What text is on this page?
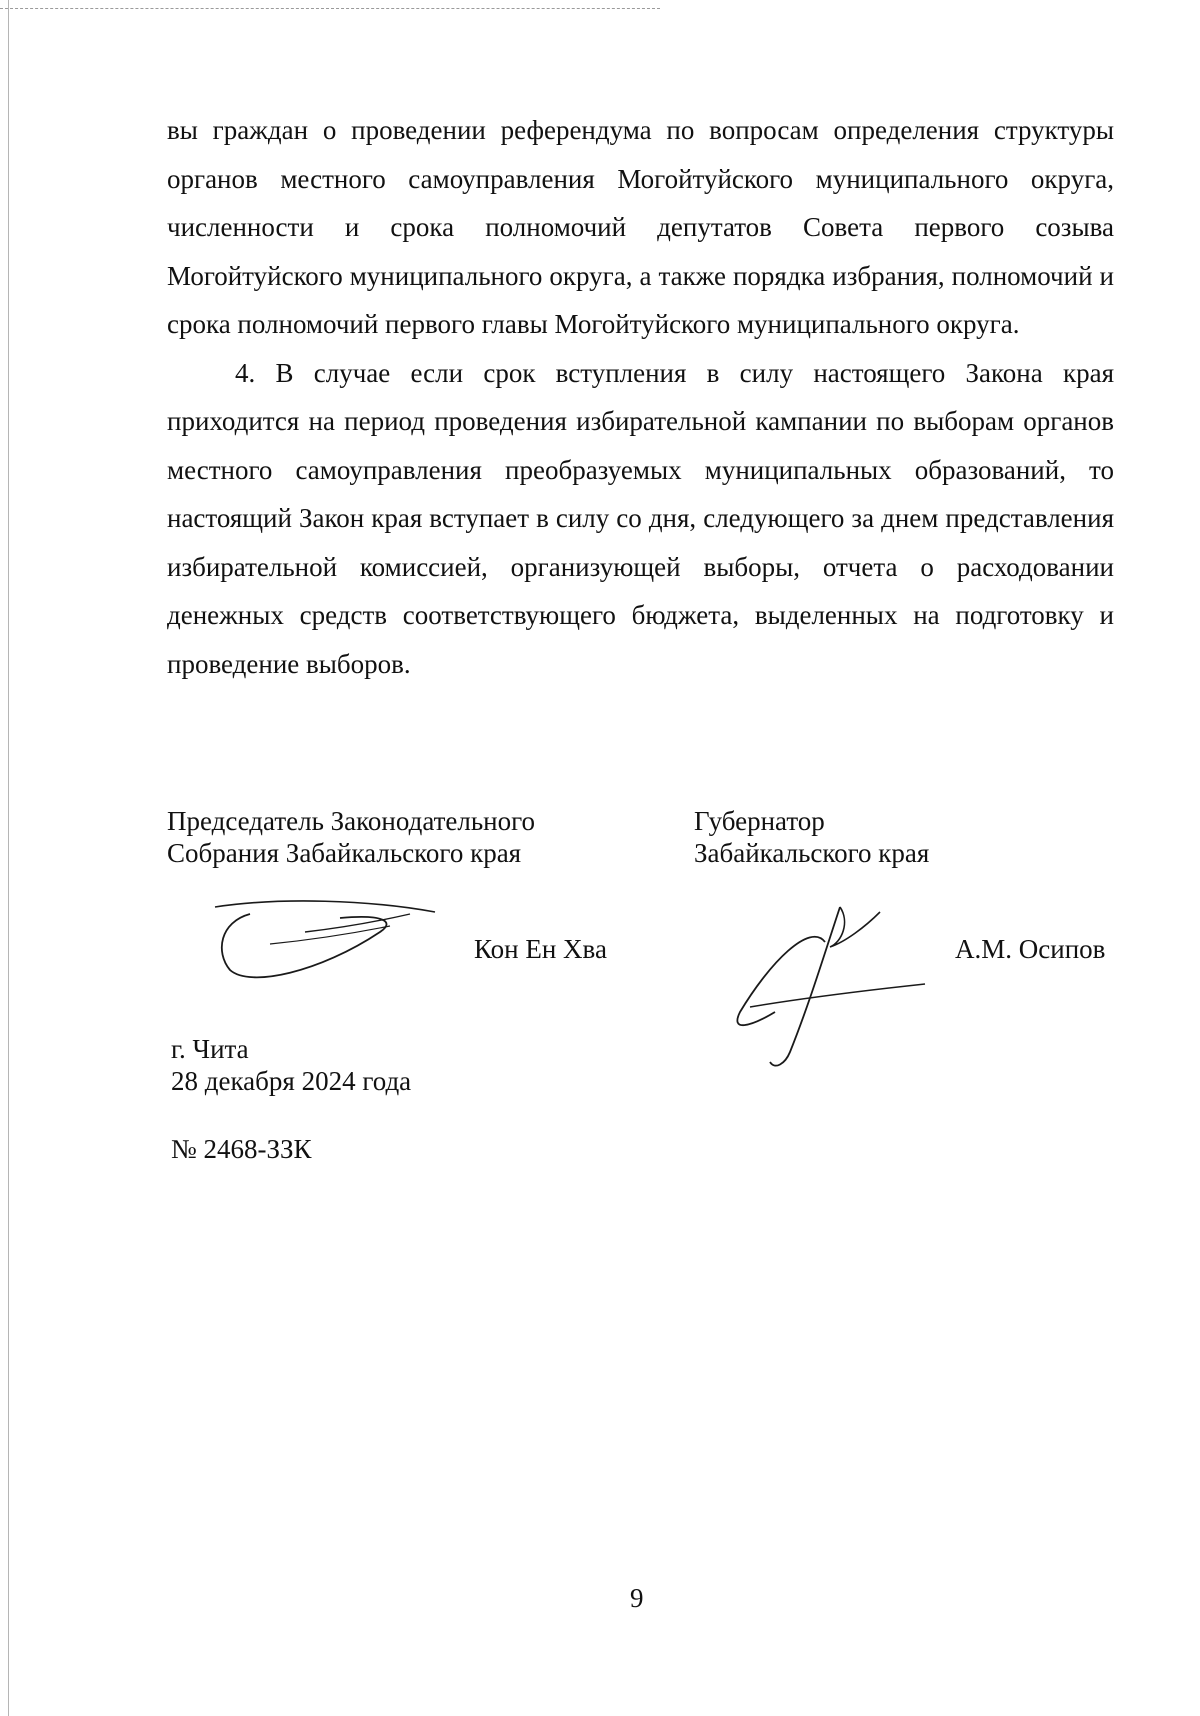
вы граждан о проведении референдума по вопросам определения структуры органов местного самоуправления Могойтуйского муниципального округа, численности и срока полномочий депутатов Совета первого созыва Могойтуйского муниципального округа, а также порядка избрания, полномочий и срока полномочий первого главы Могойтуйского муниципального округа.

4. В случае если срок вступления в силу настоящего Закона края приходится на период проведения избирательной кампании по выборам органов местного самоуправления преобразуемых муниципальных образований, то настоящий Закон края вступает в силу со дня, следующего за днем представления избирательной комиссией, организующей выборы, отчета о расходовании денежных средств соответствующего бюджета, выделенных на подготовку и проведение выборов.

Председатель Законодательного
Собрания Забайкальского края
Губернатор
Забайкальского края
Кон Ен Хва	А.М. Осипов
г. Чита
28 декабря 2024 года
№ 2468-ЗЗК
9
